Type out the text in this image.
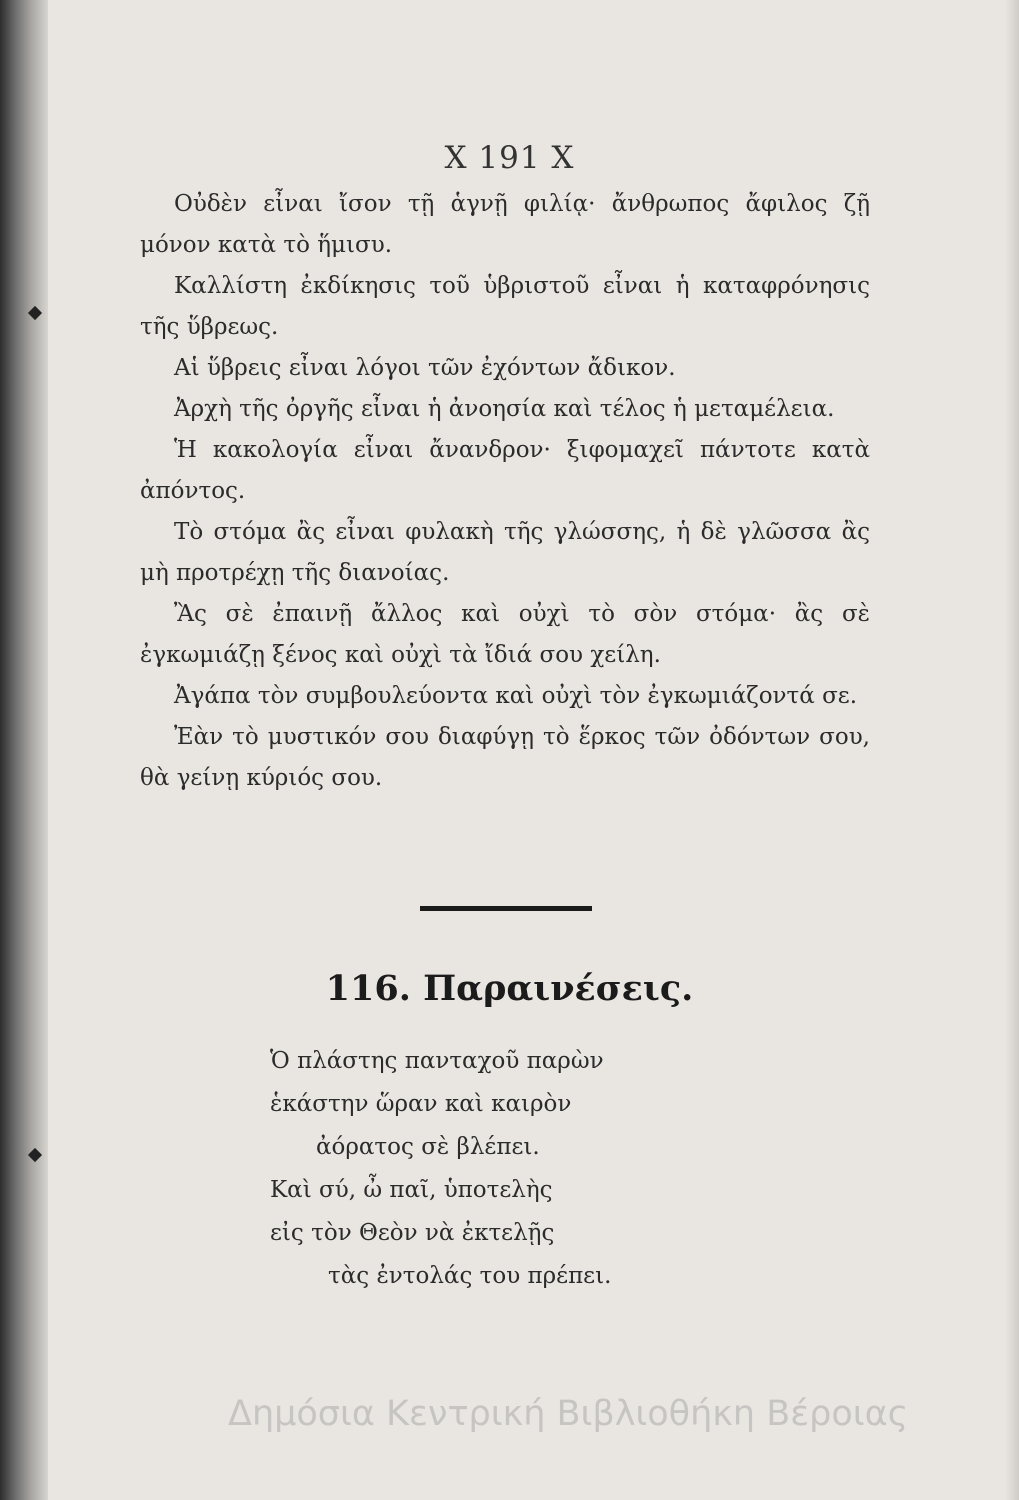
Χ 191 Χ

Οὐδὲν εἶναι ἴσον τῇ ἁγνῇ φιλίᾳ· ἄνθρωπος ἄφιλος ζῇ μόνον κατὰ τὸ ἥμισυ.

Καλλίστη ἐκδίκησις τοῦ ὑβριστοῦ εἶναι ἡ καταφρόνησις τῆς ὕβρεως.

Αἱ ὕβρεις εἶναι λόγοι τῶν ἐχόντων ἄδικον.

Ἀρχὴ τῆς ὀργῆς εἶναι ἡ ἀνοησία καὶ τέλος ἡ μεταμέλεια.

Ἡ κακολογία εἶναι ἄνανδρον· ξιφομαχεῖ πάντοτε κατὰ ἀπόντος.

Τὸ στόμα ἂς εἶναι φυλακὴ τῆς γλώσσης, ἡ δὲ γλῶσσα ἂς μὴ προτρέχῃ τῆς διανοίας.

Ἂς σὲ ἐπαινῇ ἄλλος καὶ οὐχὶ τὸ σὸν στόμα· ἂς σὲ ἐγκωμιάζῃ ξένος καὶ οὐχὶ τὰ ἴδιά σου χείλη.

Ἀγάπα τὸν συμβουλεύοντα καὶ οὐχὶ τὸν ἐγκωμιάζοντά σε.

Ἐὰν τὸ μυστικόν σου διαφύγῃ τὸ ἕρκος τῶν ὀδόντων σου, θὰ γείνῃ κύριός σου.

116. Παραινέσεις.
Ὁ πλάστης πανταχοῦ παρὼν
ἑκάστην ὥραν καὶ καιρὸν
ἀόρατος σὲ βλέπει.
Καὶ σύ, ὦ παῖ, ὑποτελὴς
εἰς τὸν Θεὸν νὰ ἐκτελῇς
τὰς ἐντολάς του πρέπει.
Δημόσια Κεντρική Βιβλιοθήκη Βέροιας
